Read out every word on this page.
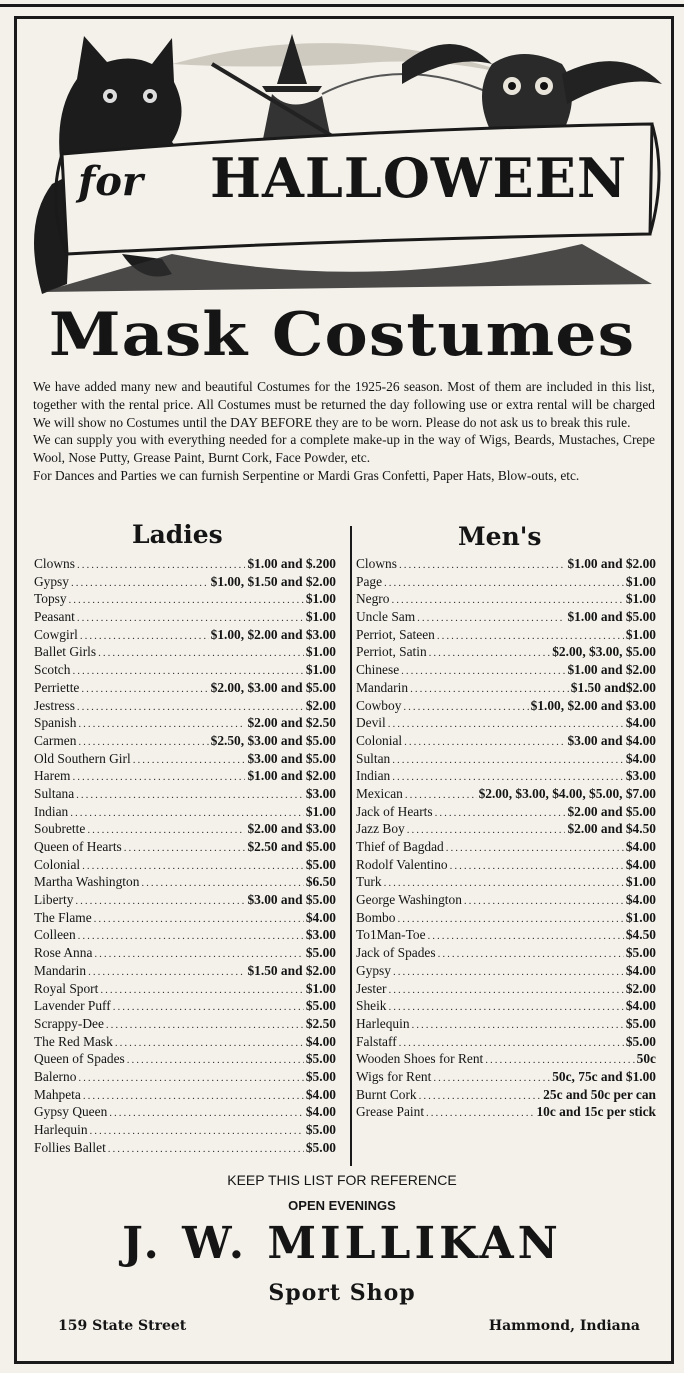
for HALLOWEEN
Mask Costumes

We have added many new and beautiful Costumes for the 1925-26 season. Most of them are included in this list, together with the rental price. All Costumes must be returned the day following use or extra rental will be charged We will show no Costumes until the DAY BEFORE they are to be worn. Please do not ask us to break this rule.

We can supply you with everything needed for a complete make-up in the way of Wigs, Beards, Mustaches, Crepe Wool, Nose Putty, Grease Paint, Burnt Cork, Face Powder, etc.

For Dances and Parties we can furnish Serpentine or Mardi Gras Confetti, Paper Hats, Blow-outs, etc.

Ladies	Men's
Clowns .....	$1.00 and $.200
Gypsy .....	$1.00, $1.50 and $2.00
Topsy .....	$1.00
Peasant .....	$1.00
Cowgirl .....	$1.00, $2.00 and $3.00
Ballet Girls .....	$1.00
Scotch .....	$1.00
Perriette .....	$2.00, $3.00 and $5.00
Jestress .....	$2.00
Spanish .....	$2.00 and $2.50
Carmen .....	$2.50, $3.00 and $5.00
Old Southern Girl .....	$3.00 and $5.00
Harem .....	$1.00 and $2.00
Sultana .....	$3.00
Indian .....	$1.00
Soubrette .....	$2.00 and $3.00
Queen of Hearts .....	$2.50 and $5.00
Colonial .....	$5.00
Martha Washington .....	$6.50
Liberty .....	$3.00 and $5.00
The Flame .....	$4.00
Colleen .....	$3.00
Rose Anna .....	$5.00
Mandarin .....	$1.50 and $2.00
Royal Sport .....	$1.00
Lavender Puff .....	$5.00
Scrappy-Dee .....	$2.50
The Red Mask .....	$4.00
Queen of Spades .....	$5.00
Balerno .....	$5.00
Mahpeta .....	$4.00
Gypsy Queen .....	$4.00
Harlequin .....	$5.00
Follies Ballet .....	$5.00
Clowns .....	$1.00 and $2.00
Page .....	$1.00
Negro .....	$1.00
Uncle Sam .....	$1.00 and $5.00
Perriot, Sateen .....	$1.00
Perriot, Satin .....	$2.00, $3.00, $5.00
Chinese .....	$1.00 and $2.00
Mandarin .....	$1.50 and$2.00
Cowboy .....	$1.00, $2.00 and $3.00
Devil .....	$4.00
Colonial .....	$3.00 and $4.00
Sultan .....	$4.00
Indian .....	$3.00
Mexican .....	$2.00, $3.00, $4.00, $5.00, $7.00
Jack of Hearts .....	$2.00 and $5.00
Jazz Boy .....	$2.00 and $4.50
Thief of Bagdad .....	$4.00
Rodolf Valentino .....	$4.00
Turk .....	$1.00
George Washington .....	$4.00
Bombo .....	$1.00
To1Man-Toe .....	$4.50
Jack of Spades .....	$5.00
Gypsy .....	$4.00
Jester .....	$2.00
Sheik .....	$4.00
Harlequin .....	$5.00
Falstaff .....	$5.00
Wooden Shoes for Rent .....	50c
Wigs for Rent .....	50c, 75c and $1.00
Burnt Cork .....	25c and 50c per can
Grease Paint .....	10c and 15c per stick
KEEP THIS LIST FOR REFERENCE
OPEN EVENINGS
J. W. MILLIKAN
Sport Shop
159 State Street	Hammond, Indiana
